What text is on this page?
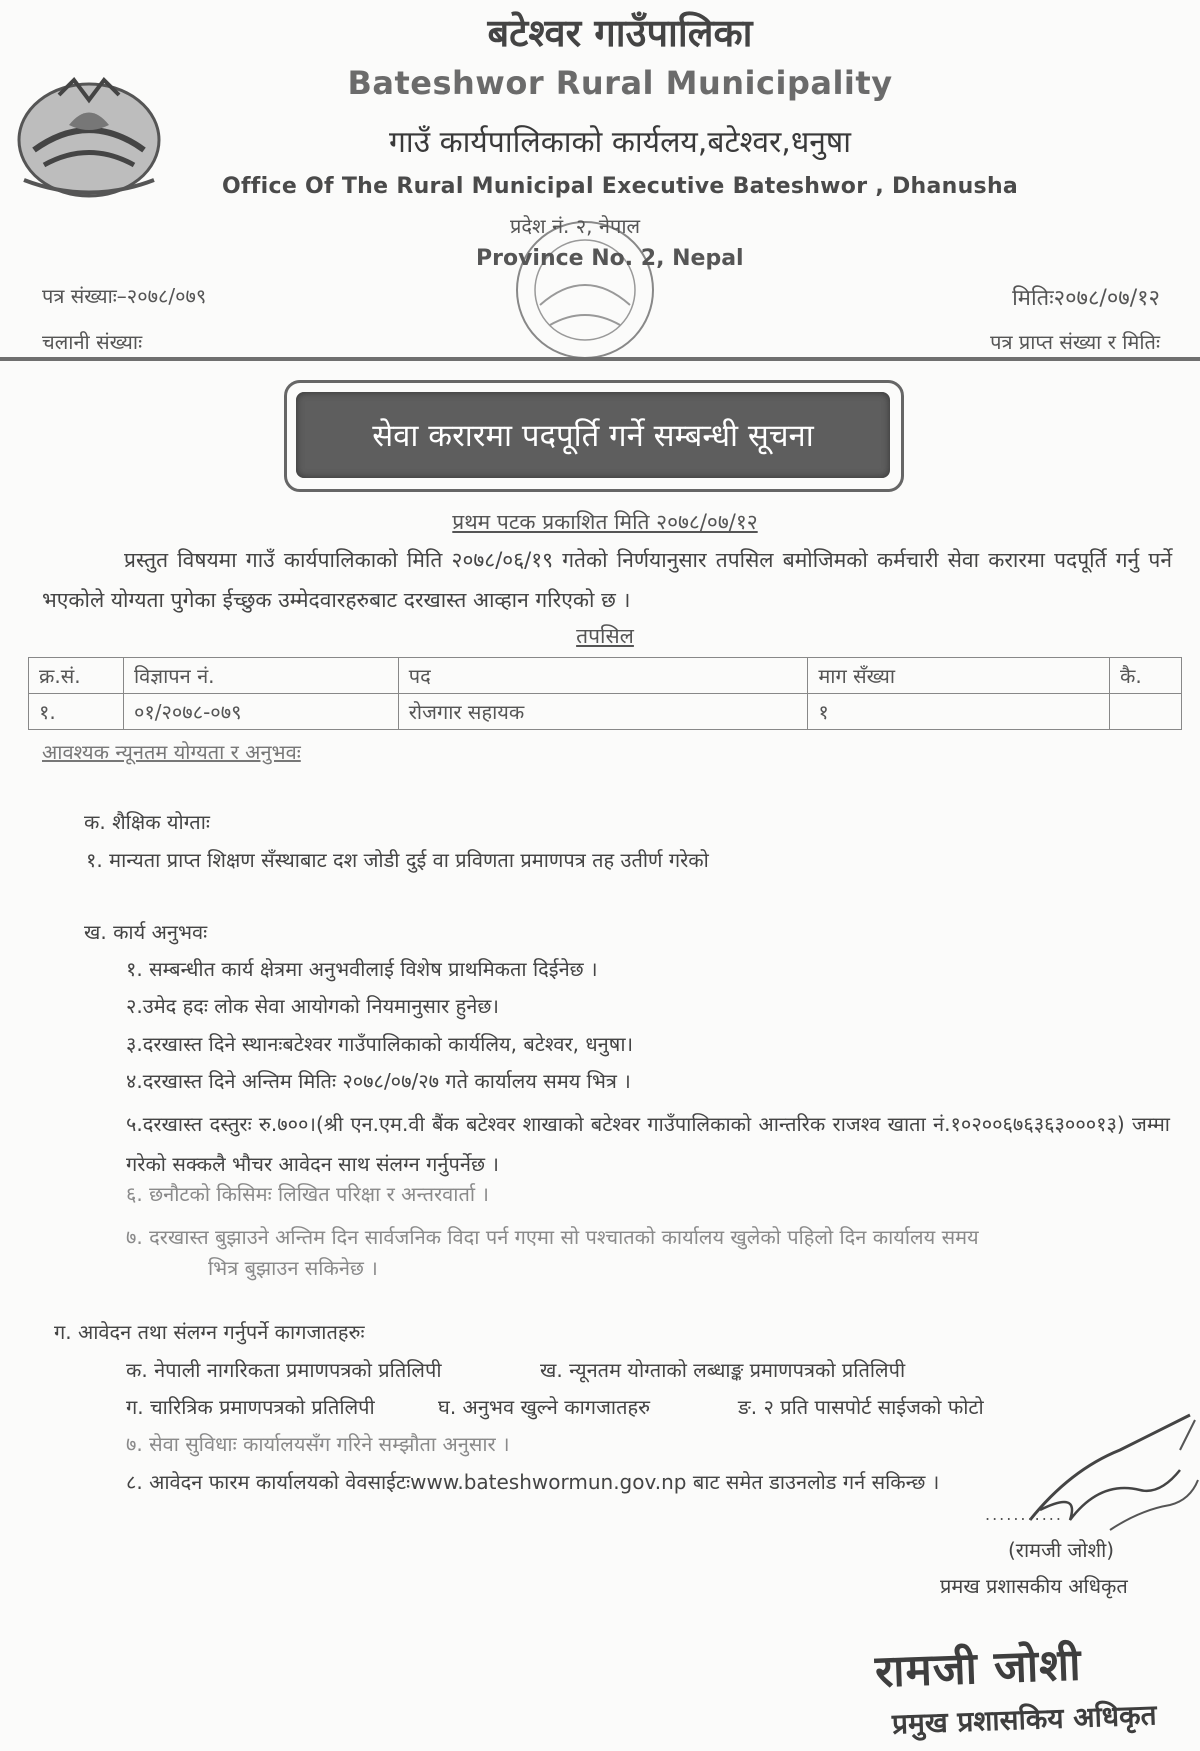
बटेश्वर गाउँपालिका
Bateshwor Rural Municipality
गाउँ कार्यपालिकाको कार्यलय,बटेश्वर,धनुषा
Office Of The Rural Municipal Executive Bateshwor , Dhanusha
प्रदेश नं. २, नेपाल
Province No. 2, Nepal
पत्र संख्याः–२०७८/०७९
चलानी संख्याः
मितिः२०७८/०७/१२
पत्र प्राप्त संख्या र मितिः
सेवा करारमा पदपूर्ति गर्ने सम्बन्धी सूचना
प्रथम पटक प्रकाशित मिति २०७८/०७/१२
प्रस्तुत विषयमा गाउँ कार्यपालिकाको मिति २०७८/०६/१९ गतेको निर्णयानुसार तपसिल बमोजिमको कर्मचारी सेवा करारमा पदपूर्ति गर्नु पर्ने भएकोले योग्यता पुगेका ईच्छुक उम्मेदवारहरुबाट दरखास्त आव्हान गरिएको छ ।
तपसिल
क्र.सं.	विज्ञापन नं.	पद	माग सँख्या	कै.
१.	०१/२०७८-०७९	रोजगार सहायक	१	
आवश्यक न्यूनतम योग्यता र अनुभवः
क. शैक्षिक योग्ताः
१. मान्यता प्राप्त शिक्षण सँस्थाबाट दश जोडी दुई वा प्रविणता प्रमाणपत्र तह उतीर्ण गरेको
ख. कार्य अनुभवः
१. सम्बन्धीत कार्य क्षेत्रमा अनुभवीलाई विशेष प्राथमिकता दिईनेछ ।
२.उमेद हदः लोक सेवा आयोगको नियमानुसार हुनेछ।
३.दरखास्त दिने स्थानःबटेश्वर गाउँपालिकाको कार्यलिय, बटेश्वर, धनुषा।
४.दरखास्त दिने अन्तिम मितिः २०७८/०७/२७ गते कार्यालय समय भित्र ।
५.दरखास्त दस्तुरः रु.७००।(श्री एन.एम.वी बैंक बटेश्वर शाखाको बटेश्वर गाउँपालिकाको आन्तरिक राजश्व खाता नं.१०२००६७६३६३०००१३) जम्मा गरेको सक्कलै भौचर आवेदन साथ संलग्न गर्नुपर्नेछ ।
६. छनौटको किसिमः लिखित परिक्षा र अन्तरवार्ता ।
७. दरखास्त बुझाउने अन्तिम दिन सार्वजनिक विदा पर्न गएमा सो पश्चातको कार्यालय खुलेको पहिलो दिन कार्यालय समय
भित्र बुझाउन सकिनेछ ।
ग. आवेदन तथा संलग्न गर्नुपर्ने कागजातहरुः
क. नेपाली नागरिकता प्रमाणपत्रको प्रतिलिपी	ख. न्यूनतम योग्ताको लब्धाङ्क प्रमाणपत्रको प्रतिलिपी
ग. चारित्रिक प्रमाणपत्रको प्रतिलिपी	घ. अनुभव खुल्ने कागजातहरु	ङ. २ प्रति पासपोर्ट साईजको फोटो
७. सेवा सुविधाः कार्यालयसँग गरिने सम्झौता अनुसार ।
८. आवेदन फारम कार्यालयको वेवसाईटःwww.bateshwormun.gov.np बाट समेत डाउनलोड गर्न सकिन्छ ।
...........
(रामजी जोशी)
प्रमख प्रशासकीय अधिकृत
रामजी जोशी
प्रमुख प्रशासकिय अधिकृत
